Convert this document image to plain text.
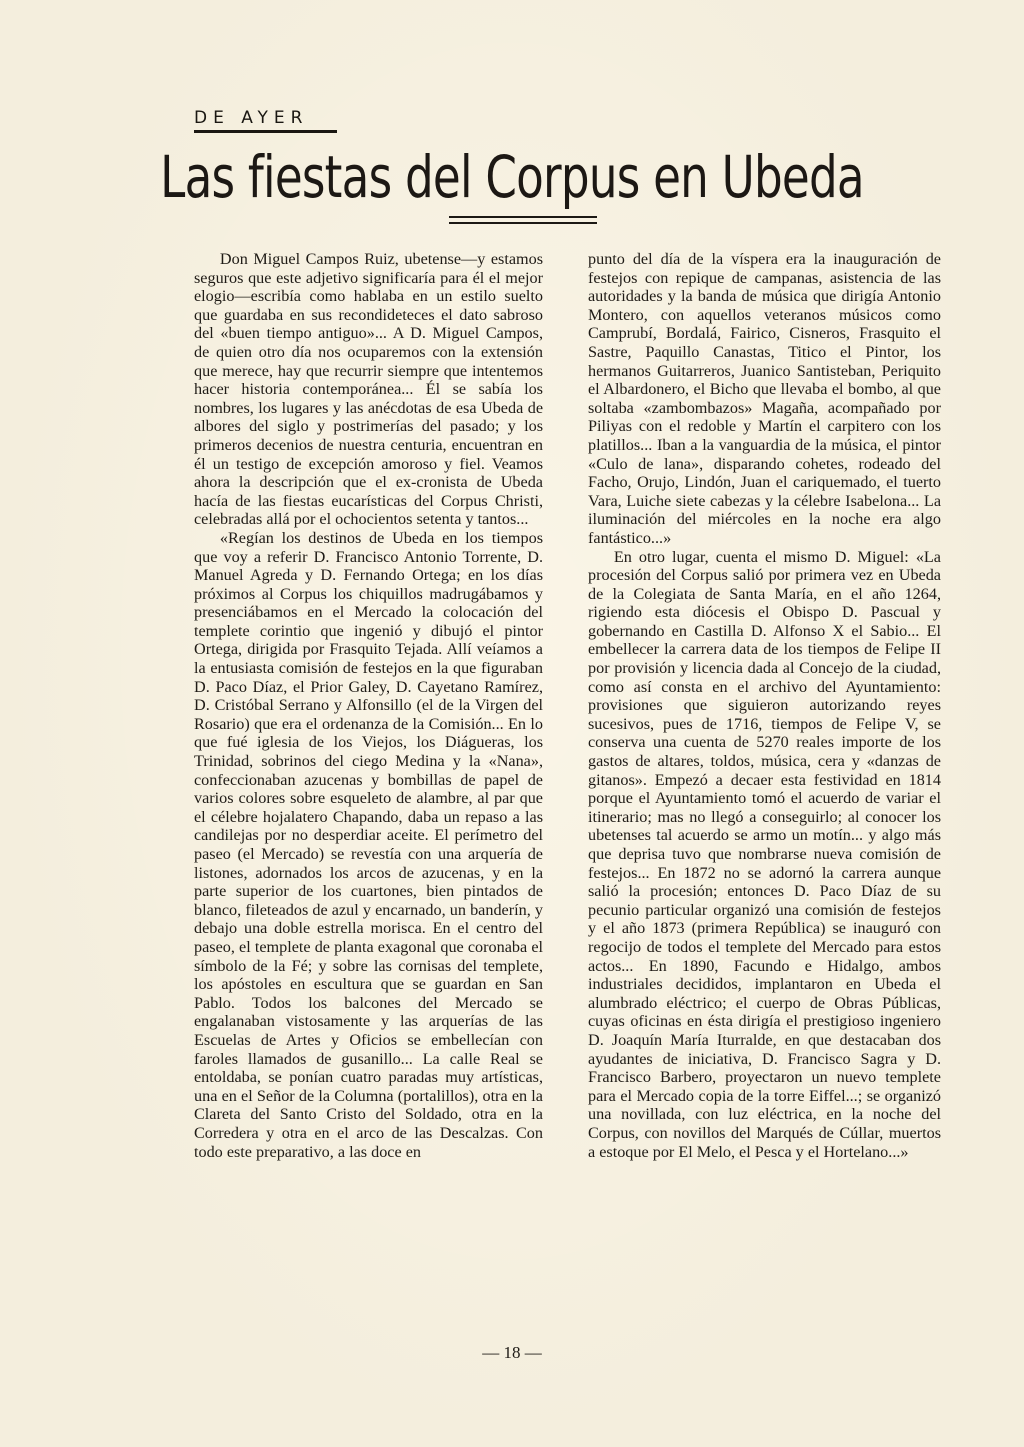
DE AYER
Las fiestas del Corpus en Ubeda

Don Miguel Campos Ruiz, ubetense—y estamos seguros que este adjetivo significaría para él el mejor elogio—escribía como hablaba en un estilo suelto que guardaba en sus recondideteces el dato sabroso del «buen tiempo antiguo»... A D. Miguel Campos, de quien otro día nos ocuparemos con la extensión que merece, hay que recurrir siempre que intentemos hacer historia contemporánea... Él se sabía los nombres, los lugares y las anécdotas de esa Ubeda de albores del siglo y postrimerías del pasado; y los primeros decenios de nuestra centuria, encuentran en él un testigo de excepción amoroso y fiel. Veamos ahora la descripción que el ex-cronista de Ubeda hacía de las fiestas eucarísticas del Corpus Christi, celebradas allá por el ochocientos setenta y tantos...

«Regían los destinos de Ubeda en los tiempos que voy a referir D. Francisco Antonio Torrente, D. Manuel Agreda y D. Fernando Ortega; en los días próximos al Corpus los chiquillos madrugábamos y presenciábamos en el Mercado la colocación del templete corintio que ingenió y dibujó el pintor Ortega, dirigida por Frasquito Tejada. Allí veíamos a la entusiasta comisión de festejos en la que figuraban D. Paco Díaz, el Prior Galey, D. Cayetano Ramírez, D. Cristóbal Serrano y Alfonsillo (el de la Virgen del Rosario) que era el ordenanza de la Comisión... En lo que fué iglesia de los Viejos, los Diágueras, los Trinidad, sobrinos del ciego Medina y la «Nana», confeccionaban azucenas y bombillas de papel de varios colores sobre esqueleto de alambre, al par que el célebre hojalatero Chapando, daba un repaso a las candilejas por no desperdiar aceite. El perímetro del paseo (el Mercado) se revestía con una arquería de listones, adornados los arcos de azucenas, y en la parte superior de los cuartones, bien pintados de blanco, fileteados de azul y encarnado, un banderín, y debajo una doble estrella morisca. En el centro del paseo, el templete de planta exagonal que coronaba el símbolo de la Fé; y sobre las cornisas del templete, los apóstoles en escultura que se guardan en San Pablo. Todos los balcones del Mercado se engalanaban vistosamente y las arquerías de las Escuelas de Artes y Oficios se embellecían con faroles llamados de gusanillo... La calle Real se entoldaba, se ponían cuatro paradas muy artísticas, una en el Señor de la Columna (portalillos), otra en la Clareta del Santo Cristo del Soldado, otra en la Corredera y otra en el arco de las Descalzas. Con todo este preparativo, a las doce en

punto del día de la víspera era la inauguración de festejos con repique de campanas, asistencia de las autoridades y la banda de música que dirigía Antonio Montero, con aquellos veteranos músicos como Camprubí, Bordalá, Fairico, Cisneros, Frasquito el Sastre, Paquillo Canastas, Titico el Pintor, los hermanos Guitarreros, Juanico Santisteban, Periquito el Albardonero, el Bicho que llevaba el bombo, al que soltaba «zambombazos» Magaña, acompañado por Piliyas con el redoble y Martín el carpitero con los platillos... Iban a la vanguardia de la música, el pintor «Culo de lana», disparando cohetes, rodeado del Facho, Orujo, Lindón, Juan el cariquemado, el tuerto Vara, Luiche siete cabezas y la célebre Isabelona... La iluminación del miércoles en la noche era algo fantástico...»

En otro lugar, cuenta el mismo D. Miguel: «La procesión del Corpus salió por primera vez en Ubeda de la Colegiata de Santa María, en el año 1264, rigiendo esta diócesis el Obispo D. Pascual y gobernando en Castilla D. Alfonso X el Sabio... El embellecer la carrera data de los tiempos de Felipe II por provisión y licencia dada al Concejo de la ciudad, como así consta en el archivo del Ayuntamiento: provisiones que siguieron autorizando reyes sucesivos, pues de 1716, tiempos de Felipe V, se conserva una cuenta de 5270 reales importe de los gastos de altares, toldos, música, cera y «danzas de gitanos». Empezó a decaer esta festividad en 1814 porque el Ayuntamiento tomó el acuerdo de variar el itinerario; mas no llegó a conseguirlo; al conocer los ubetenses tal acuerdo se armo un motín... y algo más que deprisa tuvo que nombrarse nueva comisión de festejos... En 1872 no se adornó la carrera aunque salió la procesión; entonces D. Paco Díaz de su pecunio particular organizó una comisión de festejos y el año 1873 (primera República) se inauguró con regocijo de todos el templete del Mercado para estos actos... En 1890, Facundo e Hidalgo, ambos industriales decididos, implantaron en Ubeda el alumbrado eléctrico; el cuerpo de Obras Públicas, cuyas oficinas en ésta dirigía el prestigioso ingeniero D. Joaquín María Iturralde, en que destacaban dos ayudantes de iniciativa, D. Francisco Sagra y D. Francisco Barbero, proyectaron un nuevo templete para el Mercado copia de la torre Eiffel...; se organizó una novillada, con luz eléctrica, en la noche del Corpus, con novillos del Marqués de Cúllar, muertos a estoque por El Melo, el Pesca y el Hortelano...»

— 18 —
